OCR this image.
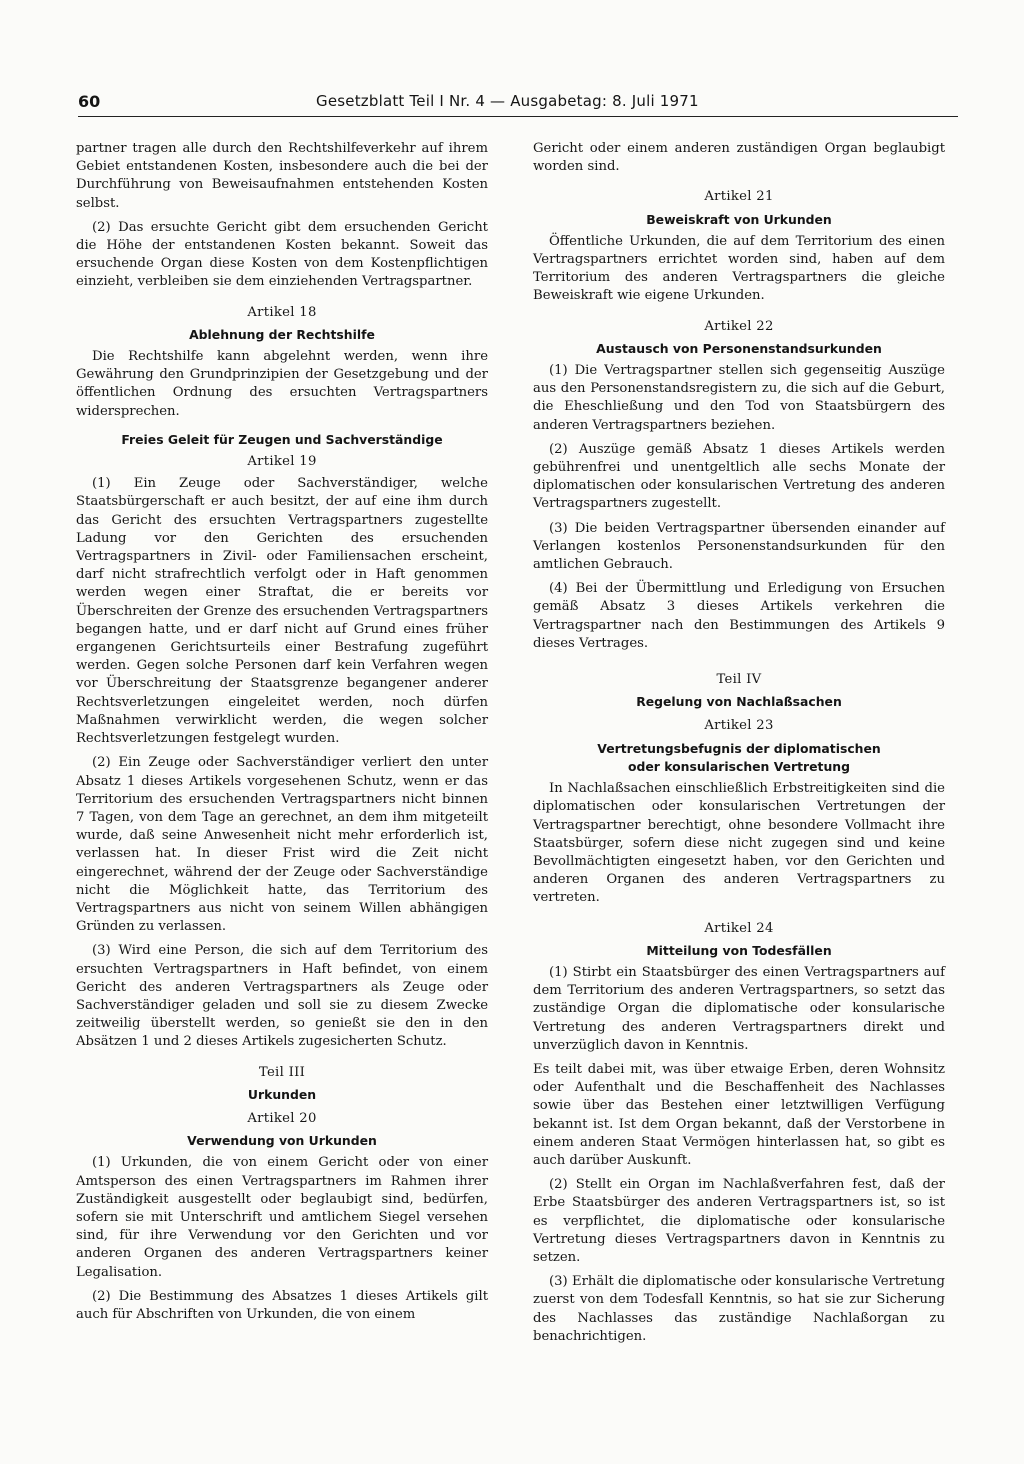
60	Gesetzblatt Teil I Nr. 4 — Ausgabetag: 8. Juli 1971

partner tragen alle durch den Rechtshilfeverkehr auf ihrem Gebiet entstandenen Kosten, insbesondere auch die bei der Durchführung von Beweisaufnahmen entstehenden Kosten selbst.

(2) Das ersuchte Gericht gibt dem ersuchenden Gericht die Höhe der entstandenen Kosten bekannt. Soweit das ersuchende Organ diese Kosten von dem Kostenpflichtigen einzieht, verbleiben sie dem einziehenden Vertragspartner.

Artikel 18
Ablehnung der Rechtshilfe

Die Rechtshilfe kann abgelehnt werden, wenn ihre Gewährung den Grundprinzipien der Gesetzgebung und der öffentlichen Ordnung des ersuchten Vertragspartners widersprechen.

Freies Geleit für Zeugen und Sachverständige
Artikel 19

(1) Ein Zeuge oder Sachverständiger, welche Staatsbürgerschaft er auch besitzt, der auf eine ihm durch das Gericht des ersuchten Vertragspartners zugestellte Ladung vor den Gerichten des ersuchenden Vertragspartners in Zivil- oder Familiensachen erscheint, darf nicht strafrechtlich verfolgt oder in Haft genommen werden wegen einer Straftat, die er bereits vor Überschreiten der Grenze des ersuchenden Vertragspartners begangen hatte, und er darf nicht auf Grund eines früher ergangenen Gerichtsurteils einer Bestrafung zugeführt werden. Gegen solche Personen darf kein Verfahren wegen vor Überschreitung der Staatsgrenze begangener anderer Rechtsverletzungen eingeleitet werden, noch dürfen Maßnahmen verwirklicht werden, die wegen solcher Rechtsverletzungen festgelegt wurden.

(2) Ein Zeuge oder Sachverständiger verliert den unter Absatz 1 dieses Artikels vorgesehenen Schutz, wenn er das Territorium des ersuchenden Vertragspartners nicht binnen 7 Tagen, von dem Tage an gerechnet, an dem ihm mitgeteilt wurde, daß seine Anwesenheit nicht mehr erforderlich ist, verlassen hat. In dieser Frist wird die Zeit nicht eingerechnet, während der der Zeuge oder Sachverständige nicht die Möglichkeit hatte, das Territorium des Vertragspartners aus nicht von seinem Willen abhängigen Gründen zu verlassen.

(3) Wird eine Person, die sich auf dem Territorium des ersuchten Vertragspartners in Haft befindet, von einem Gericht des anderen Vertragspartners als Zeuge oder Sachverständiger geladen und soll sie zu diesem Zwecke zeitweilig überstellt werden, so genießt sie den in den Absätzen 1 und 2 dieses Artikels zugesicherten Schutz.

Teil III
Urkunden
Artikel 20
Verwendung von Urkunden

(1) Urkunden, die von einem Gericht oder von einer Amtsperson des einen Vertragspartners im Rahmen ihrer Zuständigkeit ausgestellt oder beglaubigt sind, bedürfen, sofern sie mit Unterschrift und amtlichem Siegel versehen sind, für ihre Verwendung vor den Gerichten und vor anderen Organen des anderen Vertragspartners keiner Legalisation.

(2) Die Bestimmung des Absatzes 1 dieses Artikels gilt auch für Abschriften von Urkunden, die von einem

Gericht oder einem anderen zuständigen Organ beglaubigt worden sind.

Artikel 21
Beweiskraft von Urkunden

Öffentliche Urkunden, die auf dem Territorium des einen Vertragspartners errichtet worden sind, haben auf dem Territorium des anderen Vertragspartners die gleiche Beweiskraft wie eigene Urkunden.

Artikel 22
Austausch von Personenstandsurkunden

(1) Die Vertragspartner stellen sich gegenseitig Auszüge aus den Personenstandsregistern zu, die sich auf die Geburt, die Eheschließung und den Tod von Staatsbürgern des anderen Vertragspartners beziehen.

(2) Auszüge gemäß Absatz 1 dieses Artikels werden gebührenfrei und unentgeltlich alle sechs Monate der diplomatischen oder konsularischen Vertretung des anderen Vertragspartners zugestellt.

(3) Die beiden Vertragspartner übersenden einander auf Verlangen kostenlos Personenstandsurkunden für den amtlichen Gebrauch.

(4) Bei der Übermittlung und Erledigung von Ersuchen gemäß Absatz 3 dieses Artikels verkehren die Vertragspartner nach den Bestimmungen des Artikels 9 dieses Vertrages.

Teil IV
Regelung von Nachlaßsachen
Artikel 23
Vertretungsbefugnis der diplomatischen
oder konsularischen Vertretung

In Nachlaßsachen einschließlich Erbstreitigkeiten sind die diplomatischen oder konsularischen Vertretungen der Vertragspartner berechtigt, ohne besondere Vollmacht ihre Staatsbürger, sofern diese nicht zugegen sind und keine Bevollmächtigten eingesetzt haben, vor den Gerichten und anderen Organen des anderen Vertragspartners zu vertreten.

Artikel 24
Mitteilung von Todesfällen

(1) Stirbt ein Staatsbürger des einen Vertragspartners auf dem Territorium des anderen Vertragspartners, so setzt das zuständige Organ die diplomatische oder konsularische Vertretung des anderen Vertragspartners direkt und unverzüglich davon in Kenntnis.

Es teilt dabei mit, was über etwaige Erben, deren Wohnsitz oder Aufenthalt und die Beschaffenheit des Nachlasses sowie über das Bestehen einer letztwilligen Verfügung bekannt ist. Ist dem Organ bekannt, daß der Verstorbene in einem anderen Staat Vermögen hinterlassen hat, so gibt es auch darüber Auskunft.

(2) Stellt ein Organ im Nachlaßverfahren fest, daß der Erbe Staatsbürger des anderen Vertragspartners ist, so ist es verpflichtet, die diplomatische oder konsularische Vertretung dieses Vertragspartners davon in Kenntnis zu setzen.

(3) Erhält die diplomatische oder konsularische Vertretung zuerst von dem Todesfall Kenntnis, so hat sie zur Sicherung des Nachlasses das zuständige Nachlaßorgan zu benachrichtigen.
